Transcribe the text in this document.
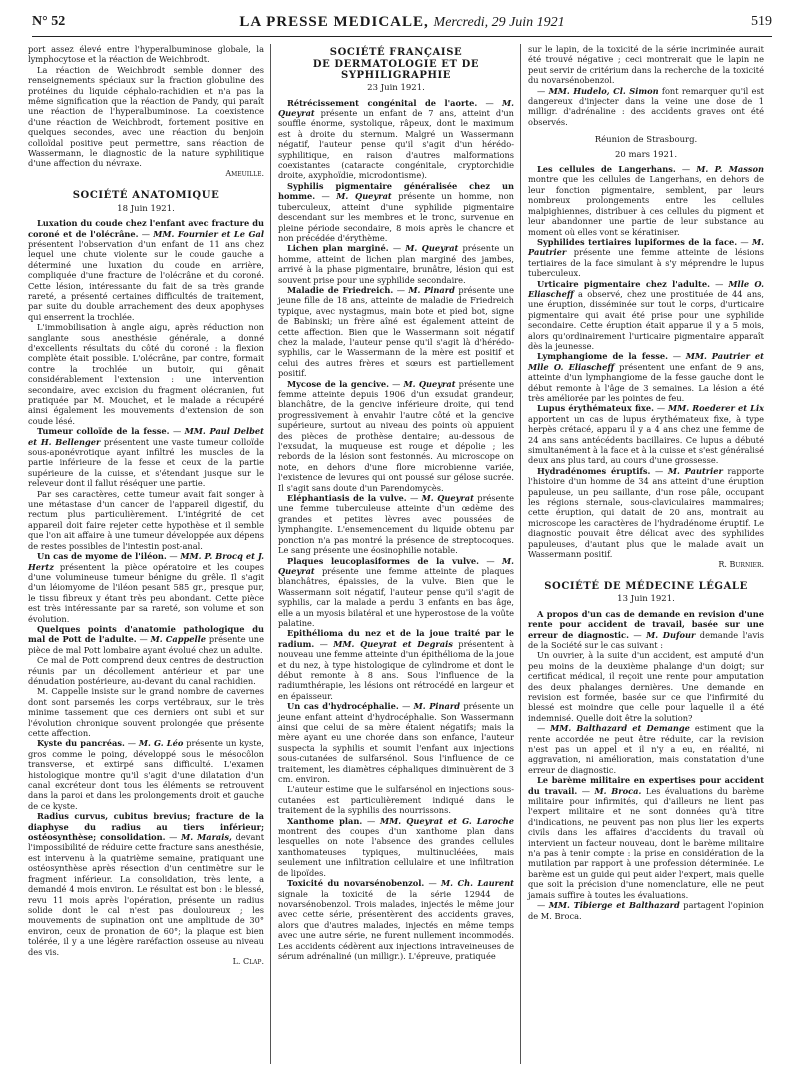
N° 52	LA PRESSE MEDICALE, Mercredi, 29 Juin 1921	519

port assez élevé entre l'hyperalbuminose globale, la lymphocytose et la réaction de Weichbrodt.

La réaction de Weichbrodt semble donner des renseignements spéciaux sur la fraction globuline des protéines du liquide céphalo-rachidien et n'a pas la même signification que la réaction de Pandy, qui paraît une réaction de l'hyperalbuminose. La coexistence d'une réaction de Weichbrodt, fortement positive en quelques secondes, avec une réaction du benjoin colloïdal positive peut permettre, sans réaction de Wassermann, le diagnostic de la nature syphilitique d'une affection du névraxe.

Ameuille.

SOCIÉTÉ ANATOMIQUE
18 Juin 1921.

Luxation du coude chez l'enfant avec fracture du coroné et de l'olécrâne. — MM. Fournier et Le Gal présentent l'observation d'un enfant de 11 ans chez lequel une chute violente sur le coude gauche a déterminé une luxation du coude en arrière, compliquée d'une fracture de l'olécrâne et du coroné. Cette lésion, intéressante du fait de sa très grande rareté, a présenté certaines difficultés de traitement, par suite du double arrachement des deux apophyses qui enserrent la trochlée.

L'immobilisation à angle aigu, après réduction non sanglante sous anesthésie générale, a donné d'excellents résultats du côté du coroné : la flexion complète était possible. L'olécrâne, par contre, formait contre la trochlée un butoir, qui gênait considérablement l'extension : une intervention secondaire, avec excision du fragment olécranien, fut pratiquée par M. Mouchet, et le malade a récupéré ainsi également les mouvements d'extension de son coude lésé.

Tumeur colloïde de la fesse. — MM. Paul Delbet et H. Bellenger présentent une vaste tumeur colloïde sous-aponévrotique ayant infiltré les muscles de la partie inférieure de la fesse et ceux de la partie supérieure de la cuisse, et s'étendant jusque sur le releveur dont il fallut réséquer une partie.

Par ses caractères, cette tumeur avait fait songer à une métastase d'un cancer de l'appareil digestif, du rectum plus particulièrement. L'intégrité de cet appareil doit faire rejeter cette hypothèse et il semble que l'on ait affaire à une tumeur développée aux dépens de restes possibles de l'intestin post-anal.

Un cas de myome de l'iléon. — MM. P. Brocq et J. Hertz présentent la pièce opératoire et les coupes d'une volumineuse tumeur bénigne du grêle. Il s'agit d'un léiomyome de l'iléon pesant 585 gr., presque pur, le tissu fibreux y étant très peu abondant. Cette pièce est très intéressante par sa rareté, son volume et son évolution.

Quelques points d'anatomie pathologique du mal de Pott de l'adulte. — M. Cappelle présente une pièce de mal Pott lombaire ayant évolué chez un adulte.

Ce mal de Pott comprend deux centres de destruction réunis par un décollement antérieur et par une dénudation postérieure, au-devant du canal rachidien.

M. Cappelle insiste sur le grand nombre de cavernes dont sont parsemés les corps vertébraux, sur le très minime tassement que ces derniers ont subi et sur l'évolution chronique souvent prolongée que présente cette affection.

Kyste du pancréas. — M. G. Léo présente un kyste, gros comme le poing, développé sous le mésocôlon transverse, et extirpé sans difficulté. L'examen histologique montre qu'il s'agit d'une dilatation d'un canal excréteur dont tous les éléments se retrouvent dans la paroi et dans les prolongements droit et gauche de ce kyste.

Radius curvus, cubitus brevius; fracture de la diaphyse du radius au tiers inférieur; ostéosynthèse; consolidation. — M. Marais, devant l'impossibilité de réduire cette fracture sans anesthésie, est intervenu à la quatrième semaine, pratiquant une ostéosynthèse après résection d'un centimètre sur le fragment inférieur. La consolidation, très lente, a demandé 4 mois environ. Le résultat est bon : le blessé, revu 11 mois après l'opération, présente un radius solide dont le cal n'est pas douloureux ; les mouvements de supination ont une amplitude de 30° environ, ceux de pronation de 60°; la plaque est bien tolérée, il y a une légère raréfaction osseuse au niveau des vis.

L. Clap.

SOCIÉTÉ FRANÇAISE
DE DERMATOLOGIE ET DE SYPHILIGRAPHIE
23 Juin 1921.

Rétrécissement congénital de l'aorte. — M. Queyrat présente un enfant de 7 ans, atteint d'un souffle énorme, systolique, râpeux, dont le maximum est à droite du sternum. Malgré un Wassermann négatif, l'auteur pense qu'il s'agit d'un hérédo-syphilitique, en raison d'autres malformations coexistantes (cataracte congénitale, cryptorchidie droite, axyphoïdie, microdontisme).

Syphilis pigmentaire généralisée chez un homme. — M. Queyrat présente un homme, non tuberculeux, atteint d'une syphilide pigmentaire descendant sur les membres et le tronc, survenue en pleine période secondaire, 8 mois après le chancre et non précédée d'érythème.

Lichen plan marginé. — M. Queyrat présente un homme, atteint de lichen plan marginé des jambes, arrivé à la phase pigmentaire, brunâtre, lésion qui est souvent prise pour une syphilide secondaire.

Maladie de Friedreich. — M. Pinard présente une jeune fille de 18 ans, atteinte de maladie de Friedreich typique, avec nystagmus, main bote et pied bot, signe de Babinski; un frère aîné est également atteint de cette affection. Bien que le Wassermann soit négatif chez la malade, l'auteur pense qu'il s'agit là d'hérédo-syphilis, car le Wassermann de la mère est positif et celui des autres frères et sœurs est partiellement positif.

Mycose de la gencive. — M. Queyrat présente une femme atteinte depuis 1906 d'un exsudat grandeur, blanchâtre, de la gencive inférieure droite, qui tend progressivement à envahir l'autre côté et la gencive supérieure, surtout au niveau des points où appuient des pièces de prothèse dentaire; au-dessous de l'exsudat, la muqueuse est rouge et dépolie ; les rebords de la lésion sont festonnés. Au microscope on note, en dehors d'une flore microbienne variée, l'existence de levures qui ont poussé sur gélose sucrée. Il s'agit sans doute d'un Parendomycès.

Eléphantiasis de la vulve. — M. Queyrat présente une femme tuberculeuse atteinte d'un œdème des grandes et petites lèvres avec poussées de lymphangite. L'ensemencement du liquide obtenu par ponction n'a pas montré la présence de streptocoques. Le sang présente une éosinophilie notable.

Plaques leucoplasiformes de la vulve. — M. Queyrat présente une femme atteinte de plaques blanchâtres, épaissies, de la vulve. Bien que le Wassermann soit négatif, l'auteur pense qu'il s'agit de syphilis, car la malade a perdu 3 enfants en bas âge, elle a un myosis bilatéral et une hyperostose de la voûte palatine.

Epithélioma du nez et de la joue traité par le radium. — MM. Queyrat et Degrais présentent à nouveau une femme atteinte d'un épithélioma de la joue et du nez, à type histologique de cylindrome et dont le début remonte à 8 ans. Sous l'influence de la radiumthérapie, les lésions ont rétrocédé en largeur et en épaisseur.

Un cas d'hydrocéphalie. — M. Pinard présente un jeune enfant atteint d'hydrocéphalie. Son Wassermann ainsi que celui de sa mère étaient négatifs; mais la mère ayant eu une chorée dans son enfance, l'auteur suspecta la syphilis et soumit l'enfant aux injections sous-cutanées de sulfarsénol. Sous l'influence de ce traitement, les diamètres céphaliques diminuèrent de 3 cm. environ.

L'auteur estime que le sulfarsénol en injections sous-cutanées est particulièrement indiqué dans le traitement de la syphilis des nourrissons.

Xanthome plan. — MM. Queyrat et G. Laroche montrent des coupes d'un xanthome plan dans lesquelles on note l'absence des grandes cellules xanthomateuses typiques, multinucléées, mais seulement une infiltration cellulaire et une infiltration de lipoïdes.

Toxicité du novarsénobenzol. — M. Ch. Laurent signale la toxicité de la série 12944 de novarsénobenzol. Trois malades, injectés le même jour avec cette série, présentèrent des accidents graves, alors que d'autres malades, injectés en même temps avec une autre série, ne furent nullement incommodés. Les accidents cédèrent aux injections intraveineuses de sérum adrénaliné (un milligr.). L'épreuve, pratiquée

sur le lapin, de la toxicité de la série incriminée aurait été trouvé négative ; ceci montrerait que le lapin ne peut servir de critérium dans la recherche de la toxicité du novarsénobenzol.

— MM. Hudelo, Cl. Simon font remarquer qu'il est dangereux d'injecter dans la veine une dose de 1 milligr. d'adrénaline : des accidents graves ont été observés.

Réunion de Strasbourg.
20 mars 1921.

Les cellules de Langerhans. — M. P. Masson montre que les cellules de Langerhans, en dehors de leur fonction pigmentaire, semblent, par leurs nombreux prolongements entre les cellules malpighiennes, distribuer à ces cellules du pigment et leur abandonner une partie de leur substance au moment où elles vont se kératiniser.

Syphilides tertiaires lupiformes de la face. — M. Pautrier présente une femme atteinte de lésions tertiaires de la face simulant à s'y méprendre le lupus tuberculeux.

Urticaire pigmentaire chez l'adulte. — Mlle O. Eliascheff a observé, chez une prostituée de 44 ans, une éruption, disséminée sur tout le corps, d'urticaire pigmentaire qui avait été prise pour une syphilide secondaire. Cette éruption était apparue il y a 5 mois, alors qu'ordinairement l'urticaire pigmentaire apparaît dès la jeunesse.

Lymphangiome de la fesse. — MM. Pautrier et Mlle O. Eliascheff présentent une enfant de 9 ans, atteinte d'un lymphangiome de la fesse gauche dont le début remonte à l'âge de 3 semaines. La lésion a été très améliorée par les pointes de feu.

Lupus érythémateux fixe. — MM. Roederer et Lix apportent un cas de lupus érythémateux fixe, à type herpès crétacé, apparu il y a 4 ans chez une femme de 24 ans sans antécédents bacillaires. Ce lupus a débuté simultanément à la face et à la cuisse et s'est généralisé deux ans plus tard, au cours d'une grossesse.

Hydradénomes éruptifs. — M. Pautrier rapporte l'histoire d'un homme de 34 ans atteint d'une éruption papuleuse, un peu saillante, d'un rose pâle, occupant les régions sternale, sous-claviculaires mammaires; cette éruption, qui datait de 20 ans, montrait au microscope les caractères de l'hydradénome éruptif. Le diagnostic pouvait être délicat avec des syphilides papuleuses, d'autant plus que le malade avait un Wassermann positif.

R. Burnier.

SOCIÉTÉ DE MÉDECINE LÉGALE
13 Juin 1921.

A propos d'un cas de demande en revision d'une rente pour accident de travail, basée sur une erreur de diagnostic. — M. Dufour demande l'avis de la Société sur le cas suivant :

Un ouvrier, à la suite d'un accident, est amputé d'un peu moins de la deuxième phalange d'un doigt; sur certificat médical, il reçoit une rente pour amputation des deux phalanges dernières. Une demande en revision est formée, basée sur ce que l'infirmité du blessé est moindre que celle pour laquelle il a été indemnisé. Quelle doit être la solution?

— MM. Balthazard et Demange estiment que la rente accordée ne peut être réduite, car la revision n'est pas un appel et il n'y a eu, en réalité, ni aggravation, ni amélioration, mais constatation d'une erreur de diagnostic.

Le barème militaire en expertises pour accident du travail. — M. Broca. Les évaluations du barème militaire pour infirmités, qui d'ailleurs ne lient pas l'expert militaire et ne sont données qu'à titre d'indications, ne peuvent pas non plus lier les experts civils dans les affaires d'accidents du travail où intervient un facteur nouveau, dont le barème militaire n'a pas à tenir compte : la prise en considération de la mutilation par rapport à une profession déterminée. Le barème est un guide qui peut aider l'expert, mais quelle que soit la précision d'une nomenclature, elle ne peut jamais suffire à toutes les évaluations.

— MM. Tibierge et Balthazard partagent l'opinion de M. Broca.
